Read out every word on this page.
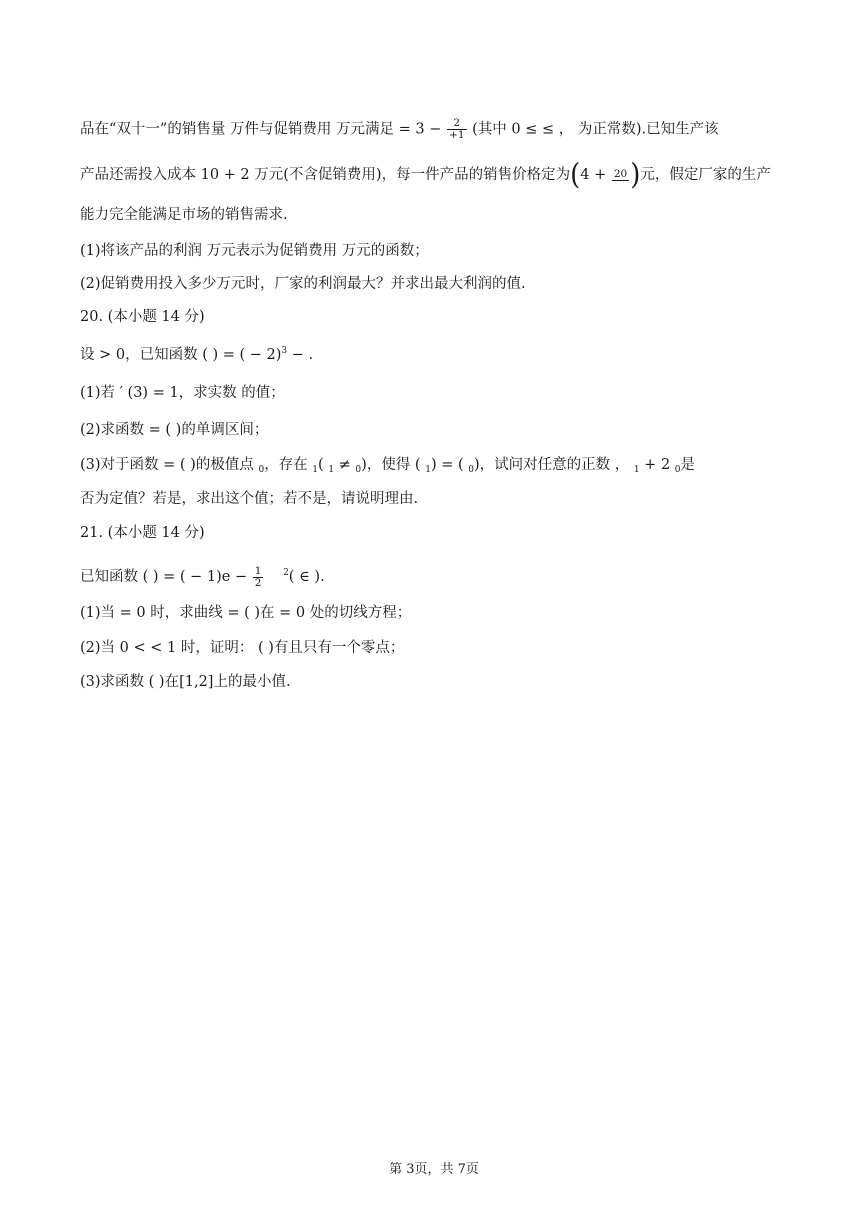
品在“双十一”的销售量 万件与促销费用 万元满足 = $3 - \frac{2}{+1}$ (其中 0 ≤ ≤ ， 为正常数).已知生产该
产品还需投入成本 10 + 2 万元(不含促销费用)，每一件产品的销售价格定为(4 + 20 )元，假定厂家的生产
能力完全能满足市场的销售需求.
(1)将该产品的利润 万元表示为促销费用 万元的函数；
(2)促销费用投入多少万元时，厂家的利润最大？并求出最大利润的值.
20. (本小题 14 分)
设 > 0，已知函数 ( ) = ( − 2)$^3$ − .
(1)若 ′ (3) = 1，求实数 的值；
(2)求函数 = ( )的单调区间；
(3)对于函数 = ( )的极值点 $_0$，存在 $_1$( $_1$ ≠ $_0$)，使得 ( $_1$) = ( $_0$)，试问对任意的正数 ， $_1$ + 2 $_0$是
否为定值？若是，求出这个值；若不是，请说明理由.
21. (本小题 14 分)
已知函数 ( ) = ( − $1)e - \frac{1}{2} ^2$( ∈ ).
(1)当 = 0 时，求曲线 = ( )在 = 0 处的切线方程；
(2)当 0 < < 1 时，证明： ( )有且只有一个零点；
(3)求函数 ( )在[1,2]上的最小值.
第 3页，共 7页
